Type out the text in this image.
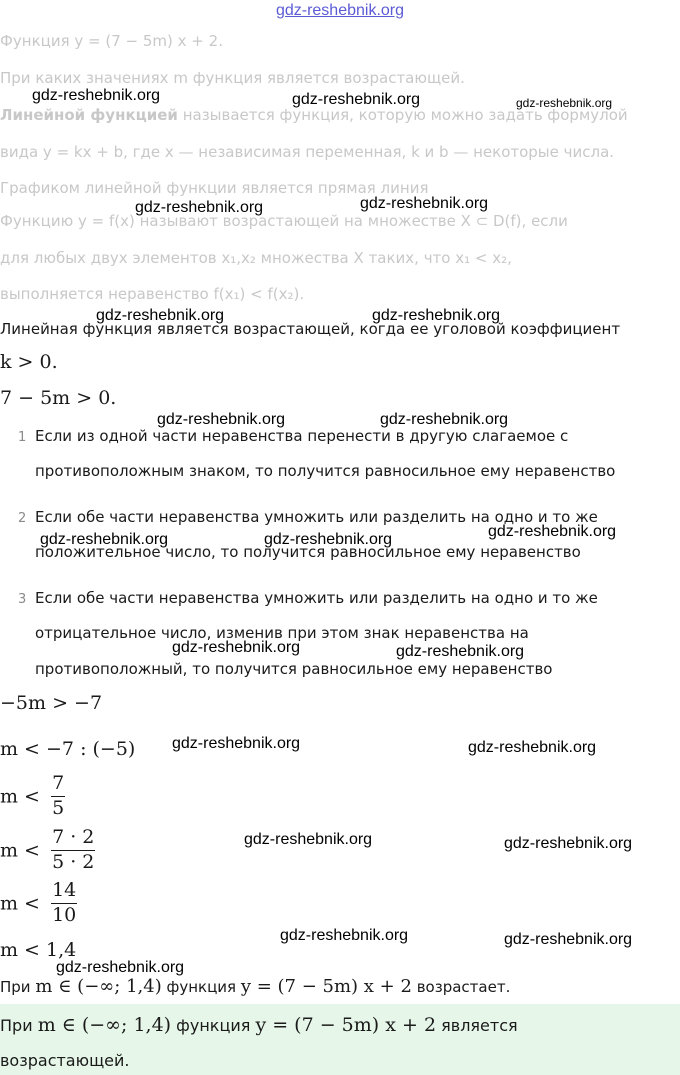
gdz-reshebnik.org
Функция y = (7 − 5m) x + 2.
При каких значениях m функция является возрастающей.
Линейной функцией называется функция, которую можно задать формулой
вида y = kx + b, где x — независимая переменная, k и b — некоторые числа.
Графиком линейной функции является прямая линия
Функцию y = f(x) называют возрастающей на множестве X ⊂ D(f), если
для любых двух элементов x₁,x₂ множества X таких, что x₁ < x₂,
выполняется неравенство f(x₁) < f(x₂).
Линейная функция является возрастающей, когда ее уголовой коэффициент
k > 0.
7 − 5m > 0.
1 Если из одной части неравенства перенести в другую слагаемое с
противоположным знаком, то получится равносильное ему неравенство
2 Если обе части неравенства умножить или разделить на одно и то же
положительное число, то получится равносильное ему неравенство
3 Если обе части неравенства умножить или разделить на одно и то же
отрицательное число, изменив при этом знак неравенства на
противоположный, то получится равносильное ему неравенство
−5m > −7
m < −7 : (−5)
$m < \frac{7}{5}$
$m < \frac{7 \cdot 2}{5 \cdot 2}$
$m < \frac{14}{10}$
m < 1,4
При m ∈ (−∞; 1,4) функция y = (7 − 5m) x + 2 возрастает.
При m ∈ (−∞; 1,4) функция y = (7 − 5m) x + 2 является
возрастающей.
gdz-reshebnik.org	gdz-reshebnik.org	gdz-reshebnik.org
gdz-reshebnik.org	gdz-reshebnik.org
gdz-reshebnik.org	gdz-reshebnik.org
gdz-reshebnik.org	gdz-reshebnik.org
gdz-reshebnik.org
gdz-reshebnik.org	gdz-reshebnik.org
gdz-reshebnik.org	gdz-reshebnik.org
gdz-reshebnik.org	gdz-reshebnik.org
gdz-reshebnik.org	gdz-reshebnik.org
gdz-reshebnik.org	gdz-reshebnik.org
gdz-reshebnik.org
